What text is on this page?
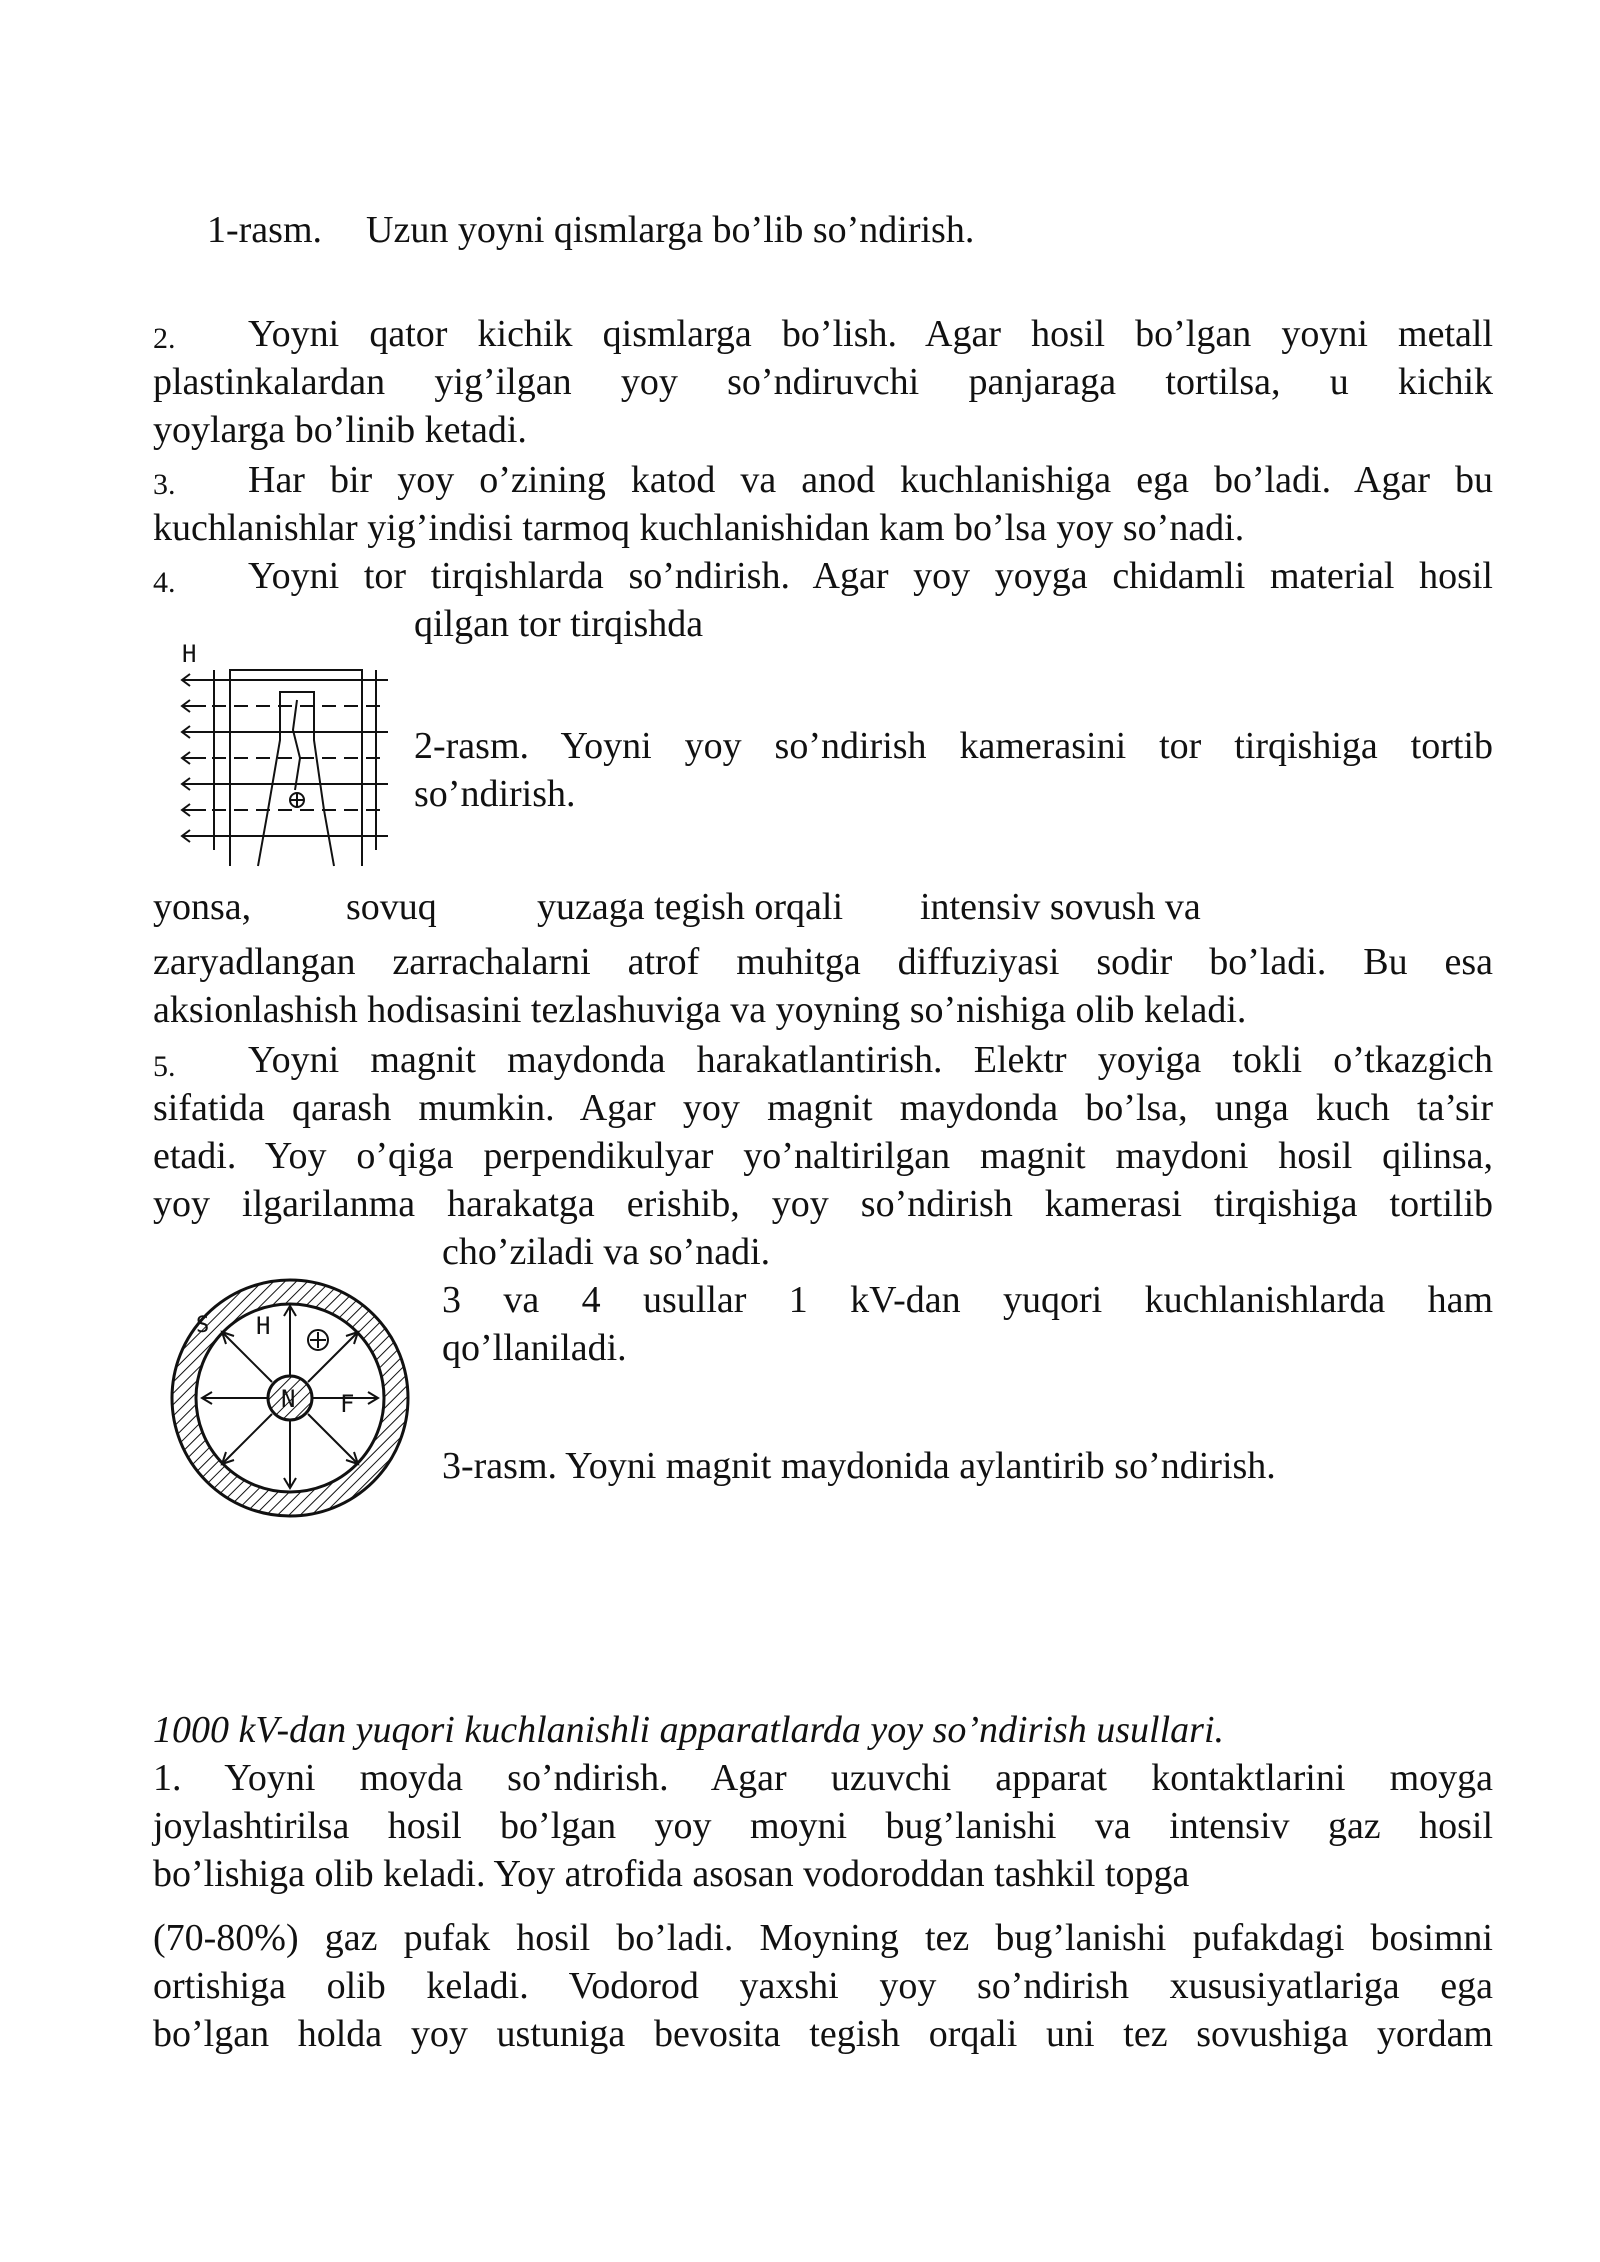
1-rasm. Uzun yoyni qismlarga bo’lib so’ndirish.
2. Yoyni qator kichik qismlarga bo’lish. Agar hosil bo’lgan yoyni metall
plastinkalardan yig’ilgan yoy so’ndiruvchi panjaraga tortilsa, u kichik
yoylarga bo’linib ketadi.
3. Har bir yoy o’zining katod va anod kuchlanishiga ega bo’ladi. Agar bu
kuchlanishlar yig’indisi tarmoq kuchlanishidan kam bo’lsa yoy so’nadi.
4. Yoyni tor tirqishlarda so’ndirish. Agar yoy yoyga chidamli material hosil
qilgan tor tirqishda
H
2-rasm. Yoyni yoy so’ndirish kamerasini tor tirqishiga tortib
so’ndirish.
yonsa, sovuq	yuzaga tegish orqali intensiv sovush va
zaryadlangan zarrachalarni atrof muhitga diffuziyasi sodir bo’ladi. Bu esa
aksionlashish hodisasini tezlashuviga va yoyning so’nishiga olib keladi.
5. Yoyni magnit maydonda harakatlantirish. Elektr yoyiga tokli o’tkazgich
sifatida qarash mumkin. Agar yoy magnit maydonda bo’lsa, unga kuch ta’sir
etadi. Yoy o’qiga perpendikulyar yo’naltirilgan magnit maydoni hosil qilinsa,
yoy ilgarilanma harakatga erishib, yoy so’ndirish kamerasi tirqishiga tortilib
cho’ziladi va so’nadi.
S H
N F
3 va 4 usullar 1 kV-dan yuqori kuchlanishlarda ham
qo’llaniladi.
3-rasm. Yoyni magnit maydonida aylantirib so’ndirish.
1000 kV-dan yuqori kuchlanishli apparatlarda yoy so’ndirish usullari.
1. Yoyni moyda so’ndirish. Agar uzuvchi apparat kontaktlarini moyga
joylashtirilsa hosil bo’lgan yoy moyni bug’lanishi va intensiv gaz hosil
bo’lishiga olib keladi. Yoy atrofida asosan vodoroddan tashkil topga
(70-80%) gaz pufak hosil bo’ladi. Moyning tez bug’lanishi pufakdagi bosimni
ortishiga olib keladi. Vodorod yaxshi yoy so’ndirish xususiyatlariga ega
bo’lgan holda yoy ustuniga bevosita tegish orqali uni tez sovushiga yordam
